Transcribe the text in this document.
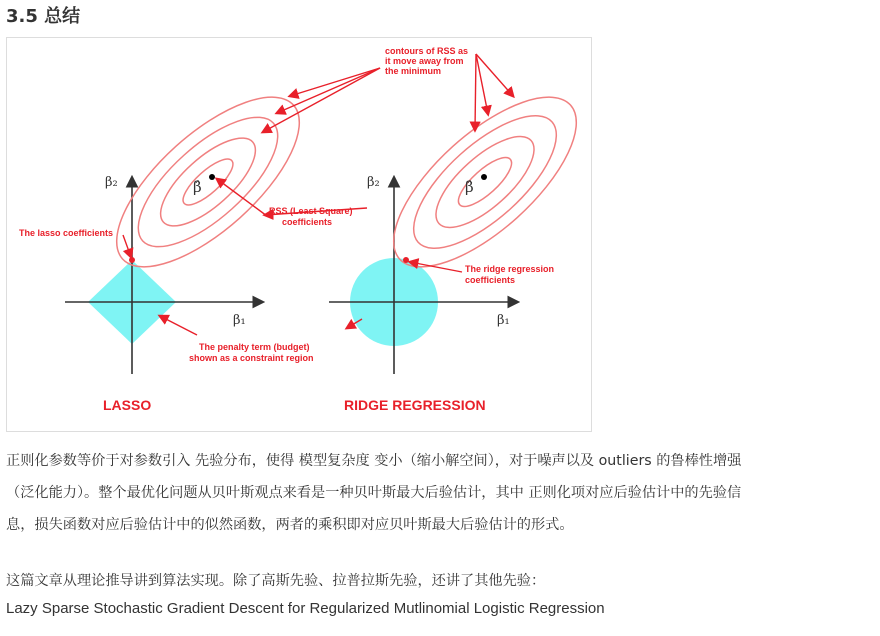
3.5 总结
β̂
β₂
β₁
LASSO
β̂
β₂
β₁
RIDGE REGRESSION
contours of RSS as
it move away from
the minimum
RSS (Least Square)
coefficients
The lasso coefficients
The ridge regression
coefficients
The penalty term (budget)
shown as a constraint region

正则化参数等价于对参数引入 先验分布，使得 模型复杂度 变小（缩小解空间），对于噪声以及 outliers 的鲁棒性增强
（泛化能力）。整个最优化问题从贝叶斯观点来看是一种贝叶斯最大后验估计，其中 正则化项对应后验估计中的先验信
息，损失函数对应后验估计中的似然函数，两者的乘积即对应贝叶斯最大后验估计的形式。

这篇文章从理论推导讲到算法实现。除了高斯先验、拉普拉斯先验，还讲了其他先验：

Lazy Sparse Stochastic Gradient Descent for Regularized Mutlinomial Logistic Regression
